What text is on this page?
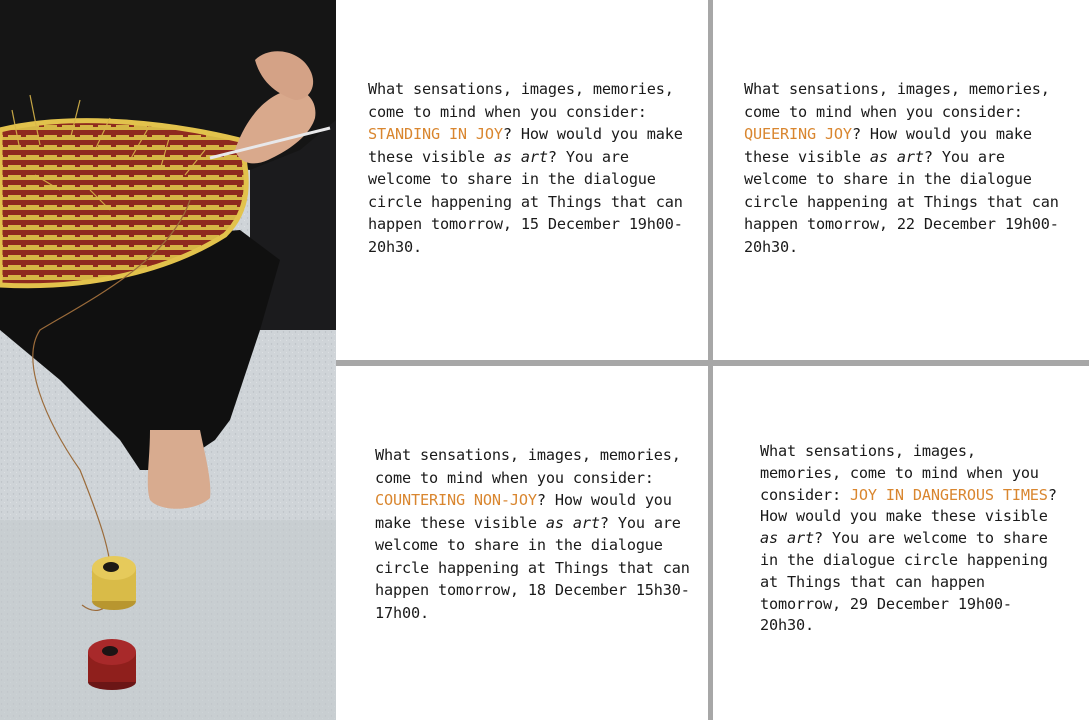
What sensations, images, memories, come to mind when you consider: STANDING IN JOY? How would you make these visible as art? You are welcome to share in the dialogue circle happening at Things that can happen tomorrow, 15 December 19h00-20h30.

What sensations, images, memories, come to mind when you consider: QUEERING JOY? How would you make these visible as art? You are welcome to share in the dialogue circle happening at Things that can happen tomorrow, 22 December 19h00-20h30.

What sensations, images, memories, come to mind when you consider: COUNTERING NON-JOY? How would you make these visible as art? You are welcome to share in the dialogue circle happening at Things that can happen tomorrow, 18 December 15h30-17h00.

What sensations, images, memories, come to mind when you consider: JOY IN DANGEROUS TIMES? How would you make these visible as art? You are welcome to share in the dialogue circle happening at Things that can happen tomorrow, 29 December 19h00-20h30.
